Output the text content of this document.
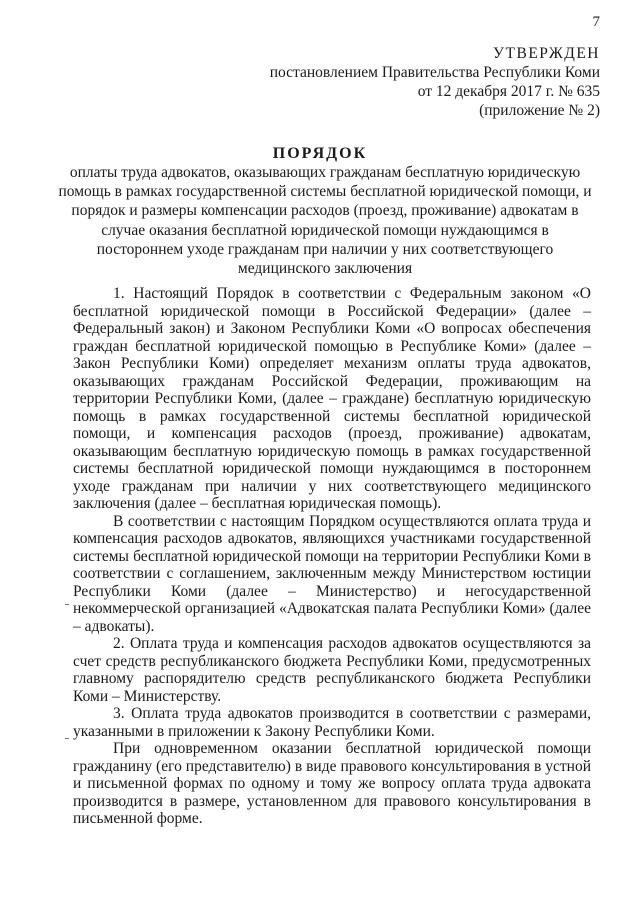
7
УТВЕРЖДЕН
постановлением Правительства Республики Коми
от 12 декабря 2017 г. № 635
(приложение № 2)
ПОРЯДОК
оплаты труда адвокатов, оказывающих гражданам бесплатную юридическую помощь в рамках государственной системы бесплатной юридической помощи, и порядок и размеры компенсации расходов (проезд, проживание) адвокатам в случае оказания бесплатной юридической помощи нуждающимся в постороннем уходе гражданам при наличии у них соответствующего медицинского заключения

1. Настоящий Порядок в соответствии с Федеральным законом «О бесплатной юридической помощи в Российской Федерации» (далее – Федеральный закон) и Законом Республики Коми «О вопросах обеспечения граждан бесплатной юридической помощью в Республике Коми» (далее – Закон Республики Коми) определяет механизм оплаты труда адвокатов, оказывающих гражданам Российской Федерации, проживающим на территории Республики Коми, (далее – граждане) бесплатную юридическую помощь в рамках государственной системы бесплатной юридической помощи, и компенсация расходов (проезд, проживание) адвокатам, оказывающим бесплатную юридическую помощь в рамках государственной системы бесплатной юридической помощи нуждающимся в постороннем уходе гражданам при наличии у них соответствующего медицинского заключения (далее – бесплатная юридическая помощь).

В соответствии с настоящим Порядком осуществляются оплата труда и компенсация расходов адвокатов, являющихся участниками государственной системы бесплатной юридической помощи на территории Республики Коми в соответствии с соглашением, заключенным между Министерством юстиции Республики Коми (далее – Министерство) и негосударственной некоммерческой организацией «Адвокатская палата Республики Коми» (далее – адвокаты).

2. Оплата труда и компенсация расходов адвокатов осуществляются за счет средств республиканского бюджета Республики Коми, предусмотренных главному распорядителю средств республиканского бюджета Республики Коми – Министерству.

3. Оплата труда адвокатов производится в соответствии с размерами, указанными в приложении к Закону Республики Коми.

При одновременном оказании бесплатной юридической помощи гражданину (его представителю) в виде правового консультирования в устной и письменной формах по одному и тому же вопросу оплата труда адвоката производится в размере, установленном для правового консультирования в письменной форме.
